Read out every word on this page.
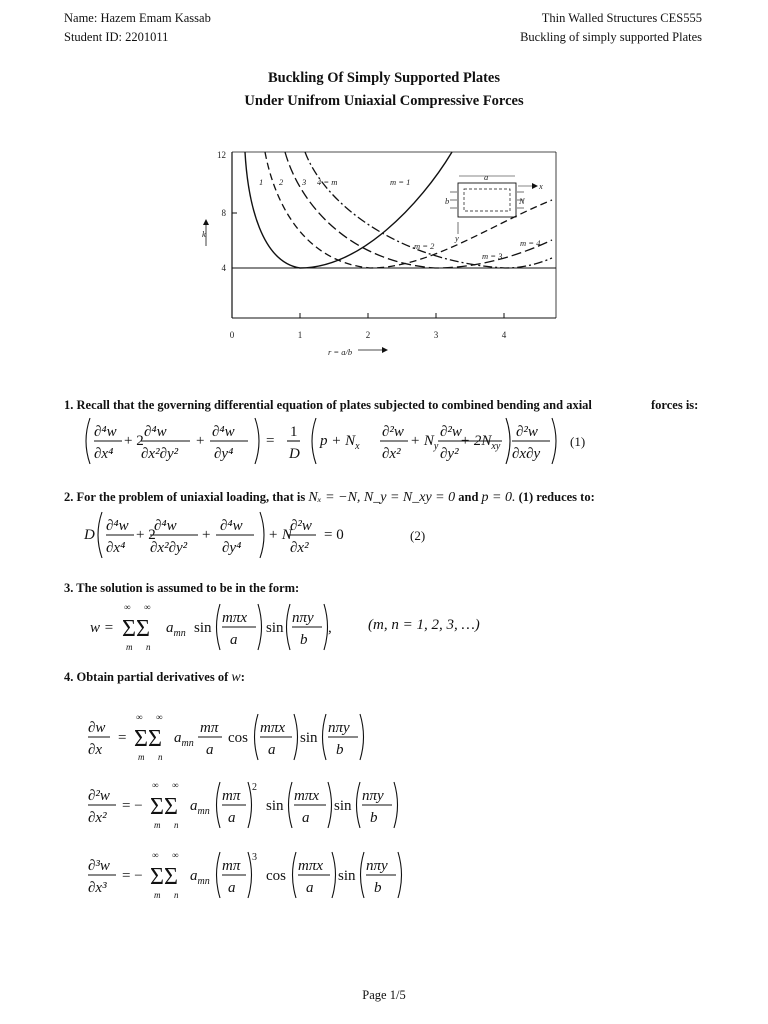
Name: Hazem Emam Kassab
Student ID: 2201011
Thin Walled Structures CES555
Buckling of simply supported Plates
Buckling Of Simply Supported Plates
Under Unifrom Uniaxial Compressive Forces
12
8
4
0	1	2	3	4
k
r = a/b
1 2 3 4 = m	m = 1
m = 2
m = 3
m = 4
a
b
x
y
N
1. Recall that the governing differential equation of plates subjected to combined bending and axial	forces is:
∂⁴w
∂x⁴
+ 2
∂⁴w
∂x²∂y²
+
∂⁴w
∂y⁴
=
1
D
$p + N_x$
∂²w
∂x²
+ $N_y$
∂²w
∂y²
+ $2N_{xy}$
∂²w
∂x∂y
(1)
2. For the problem of uniaxial loading, that is Nₓ = −N, N_y = N_xy = 0 and p = 0. (1) reduces to:
D
∂⁴w
∂x⁴
+ 2
∂⁴w
∂x²∂y²
+
∂⁴w
∂y⁴
+ N
∂²w
∂x²
= 0	(2)
3. The solution is assumed to be in the form:
w = ΣΣ
∞ ∞
m n
$a_{mn}$ sin
mπx
a
sin
nπy
b
, (m, n = 1, 2, 3, …)
4. Obtain partial derivatives of w:
∂w
∂x
= ΣΣ
∞ ∞
m n
$a_{mn}$
mπ
a
cos
mπx
a
sin
nπy
b
∂²w
∂x²
= − ΣΣ
∞ ∞
m n
$a_{mn}$
mπ
a
2
sin
mπx
a
sin
nπy
b
∂³w
∂x³
= − ΣΣ
∞ ∞
m n
$a_{mn}$
mπ
a
3
cos
mπx
a
sin
nπy
b
Page 1/5
